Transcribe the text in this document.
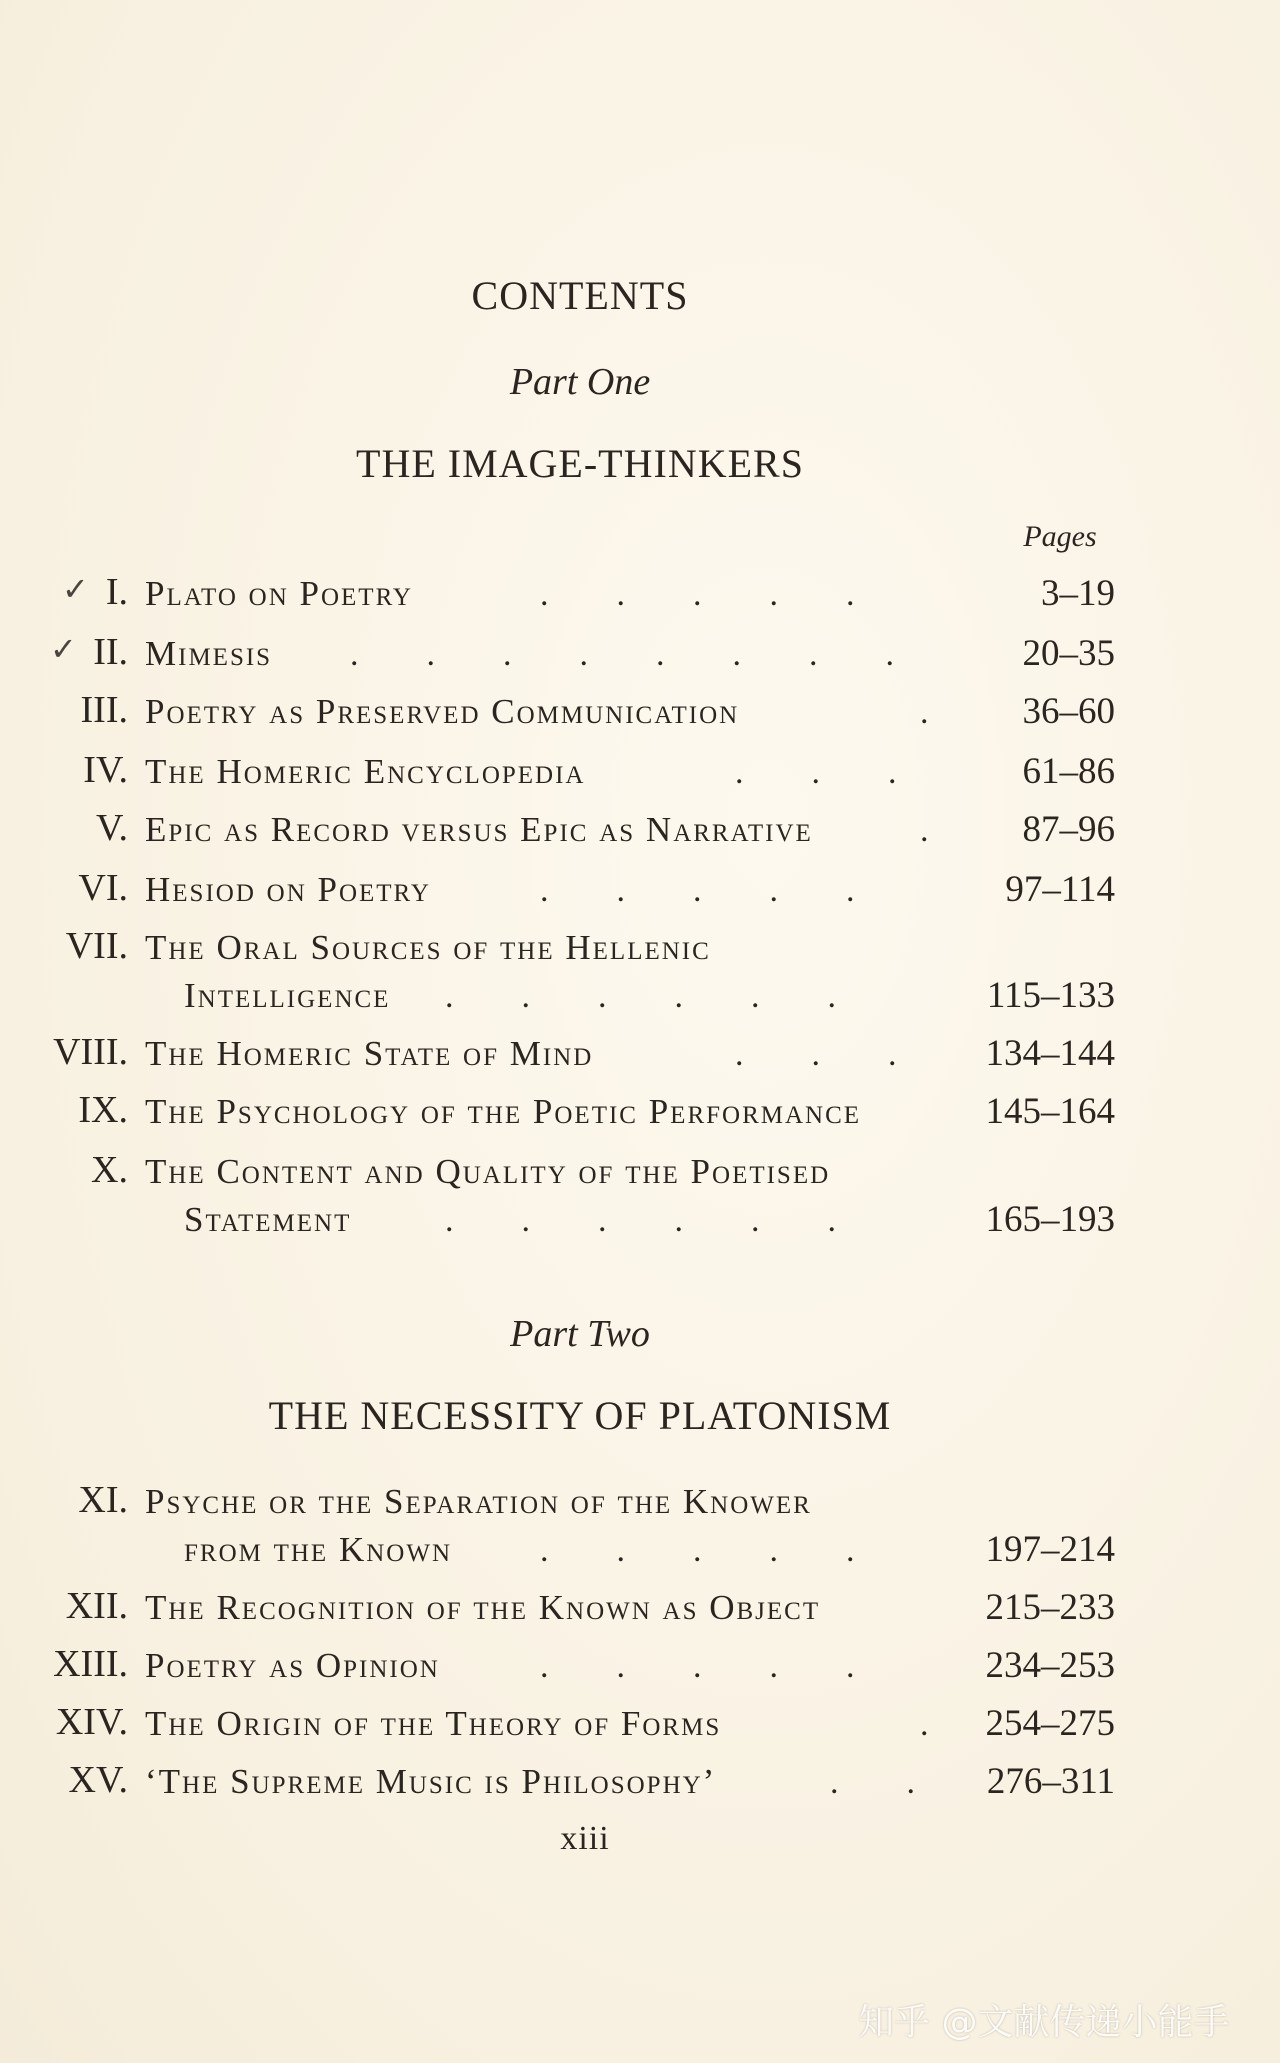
CONTENTS
Part One
THE IMAGE-THINKERS
Pages
✓
✓
I. Plato on Poetry	.  .  .  .  .	3–19
II. Mimesis .  .  .  .  .  .  .  .	20–35
III. Poetry as Preserved Communication	.	36–60
IV. The Homeric Encyclopedia	.  .  .	61–86
V. Epic as Record versus Epic as Narrative	.	87–96
VI. Hesiod on Poetry	.  .  .  .  .	97–114
VII. The Oral Sources of the Hellenic
Intelligence .  .  .  .  .  .	115–133
VIII. The Homeric State of Mind	.  .  . 134–144
IX. The Psychology of the Poetic Performance	145–164
X. The Content and Quality of the Poetised
Statement	.  .  .  .  .  .	165–193
Part Two
THE NECESSITY OF PLATONISM
XI. Psyche or the Separation of the Knower
from the Known	.  .  .  .  .	197–214
XII. The Recognition of the Known as Object	215–233
XIII. Poetry as Opinion	.  .  .  .  .	234–253
XIV. The Origin of the Theory of Forms	. 254–275
XV. ‘The Supreme Music is Philosophy’	.  .	276–311
xiii
知乎 @文献传递小能手
